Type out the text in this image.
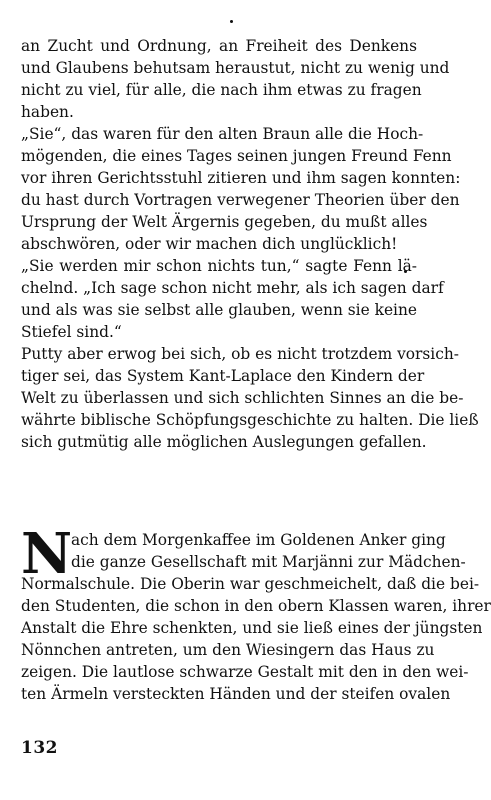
an Zucht und Ordnung, an Freiheit des Denkens
und Glaubens behutsam heraustut, nicht zu wenig und
nicht zu viel, für alle, die nach ihm etwas zu fragen
haben.
„Sie“, das waren für den alten Braun alle die Hoch-
mögenden, die eines Tages seinen jungen Freund Fenn
vor ihren Gerichtsstuhl zitieren und ihm sagen konnten:
du hast durch Vortragen verwegener Theorien über den
Ursprung der Welt Ärgernis gegeben, du mußt alles
abschwören, oder wir machen dich unglücklich!
„Sie werden mir schon nichts tun,“ sagte Fenn lä-
chelnd. „Ich sage schon nicht mehr, als ich sagen darf
und als was sie selbst alle glauben, wenn sie keine
Stiefel sind.“
Putty aber erwog bei sich, ob es nicht trotzdem vorsich-
tiger sei, das System Kant-Laplace den Kindern der
Welt zu überlassen und sich schlichten Sinnes an die be-
währte biblische Schöpfungsgeschichte zu halten. Die ließ
sich gutmütig alle möglichen Auslegungen gefallen.
N
ach dem Morgenkaffee im Goldenen Anker ging
die ganze Gesellschaft mit Marjänni zur Mädchen-
Normalschule. Die Oberin war geschmeichelt, daß die bei-
den Studenten, die schon in den obern Klassen waren, ihrer
Anstalt die Ehre schenkten, und sie ließ eines der jüngsten
Nönnchen antreten, um den Wiesingern das Haus zu
zeigen. Die lautlose schwarze Gestalt mit den in den wei-
ten Ärmeln versteckten Händen und der steifen ovalen
132
